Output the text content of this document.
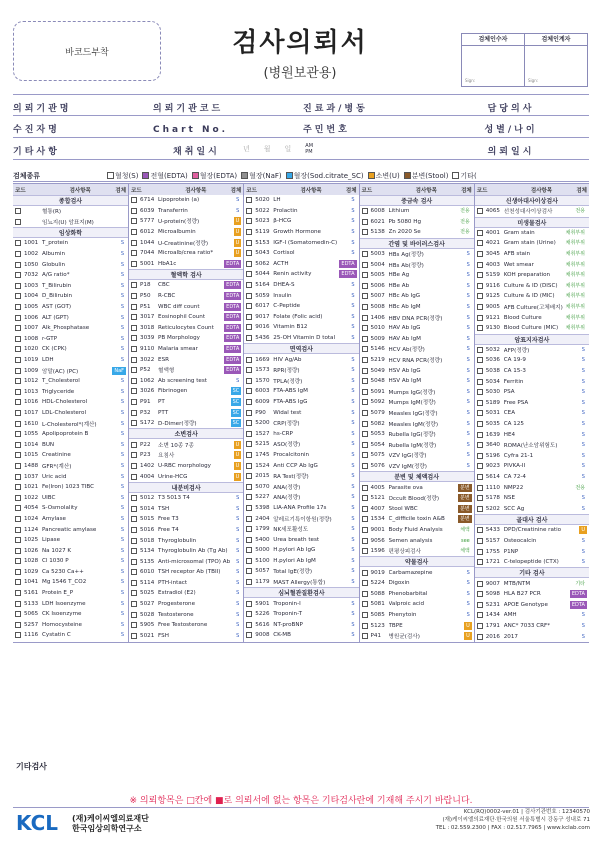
바코드부착	검사의뢰서
(병원보관용)
검체인수자	검체인계자
Sign:	Sign:
의뢰기관명	의뢰기관코드	진료과/병동	담당의사
수진자명	Chart No.	주민번호	성별/나이
기타사항	채취일시	년 월 일	AM
PM	의뢰일시
검체종류	혈청(S)	전혈(EDTA)	혈장(EDTA)	혈장(NaF)	혈장(Sod.citrate_SC)	소변(U)	분변(Stool)	기타(
코드	검사항목	검체
종합검사
혈통(R)
임뇨지(U) 암표지(M)
임상화학
1001 T_protein	S
1002 Albumin	S
1050 Globulin	S
7032 A/G ratio*	S
1003 T_Bilirubin	S
1004 D_Bilirubin	S
1005 AST (GOT)	S
1006 ALT (GPT)	S
1007 Alk_Phosphatase	S
1008 r-GTP	S
1020 CK (CPK)	S
1019 LDH	S
1009 암말(AC) (PC)	NaF
1012 T_Cholesterol	S
1013 Triglyceride	S
1016 HDL-Cholesterol	S
1017 LDL-Cholesterol	S
1610 L-Cholesterol*(계산)	S
1055 Apolipoprotein B	S
1014 BUN	S
1015 Creatinine	S
1488 GFR*(계산)	S
1037 Uric acid	S
1021 Fe(Iron) 1023 TIBC	S
1022 UIBC	S
4054 S-Osmolality	S
1024 Amylase	S
1124 Pancreatic amylase	S
1025 Lipase	S
1026 Na 1027 K	S
1028 Cl 1030 P	S
1029 Ca 5230 Ca++	S
1041 Mg 1546 T_CO2	S
5161 Protein E_P	S
5133 LDH Isoenzyme	S
5065 CK Isoenzyme	S
5257 Homocysteine	S
1116 Cystatin C	S
코드	검사항목	검체
6714 Lipoprotein (a)	S
6039 Transferrin	S
5777 U-protein(정량)	U
6012 Microalbumin	U
1044 U-Creatinine(정량)	U
7044 Microalb/crea ratio*	U
5001 HbA1c	EDTA
혈액학 검사
P18	CBC	EDTA
P50	R-CBC	EDTA
P51	WBC diff count	EDTA
3017 Eosinophil Count	EDTA
3018 Reticulocytes Count	EDTA
3039 PB Morphology	EDTA
9110 Malaria smear	EDTA
3022 ESR	EDTA
P52	혈액형	EDTA
1062 Ab screening test	S
3026 Fibrinogen	SC
P91	PT	SC
P32	PTT	SC
S172 D-Dimer(정량)	SC
소변검사
P22	소변 10종 7종	U
P23	요침사	U
1402 U-RBC morphology	U
4004 Urine-HCG	U
내분비검사
5012 T3 5013 T4	S
5014 TSH	S
5015 Free T3	S
5016 Free T4	S
5018 Thyroglobulin	S
5134 Thyroglobulin Ab (Tg Ab)	S
5135 Anti-microsomal (TPO) Ab	S
6010 TSH receptor Ab (TBII)	S
5114 PTH-intact	S
5025 Estradiol (E2)	S
5027 Progesterone	S
5028 Testosterone	S
5905 Free Testosterone	S
5021 FSH	S
코드	검사항목	검체
5020 LH	S
5022 Prolactin	S
5023 β-HCG	S
5119 Growth Hormone	S
5153 IGF-I (Somatomedin-C)	S
5043 Cortisol	S
5062 ACTH	EDTA
5044 Renin activity	EDTA
5164 DHEA-S	S
5059 Insulin	S
6017 C-Peptide	S
9017 Folate (Folic acid)	S
9016 Vitamin B12	S
5436 25-OH Vitamin D total	S
면역검사
1669 HIV Ag/Ab	S
1573 RPR(정량)	S
1570 TPLA(정량)	S
6003 FTA-ABS IgM	S
6009 FTA-ABS IgG	S
P90	Widal test	S
5200 CRP(정량)	S
1527 hs-CRP	S
5215 ASO(정량)	S
1745 Procalcitonin	S
1524 Anti CCP Ab IgG	S
2015 RA Test(정량)	S
5070 ANA(정량)	S
5227 ANA(정량)	S
5398 LIA-ANA Profile 17s	S
2404 알레르기특이항원(정량)	S
1799 NK세포활성도	S
5400 Urea breath test	S
5000 H.pylori Ab IgG	S
5100 H.pylori Ab IgM	S
5057 Total IgE(정량)	S
1179 MAST Allergy(통합)	S
심뇌혈관질환검사
5901 Troponin-I	S
5226 Troponin-T	S
5616 NT-proBNP	S
9008 CK-MB	S
코드	검사항목	검체
중금속 검사
6008 Lithium	전용
6021 Pb 5080 Hg	전용
5138 Zn 2020 Se	전용
간염 및 바이러스검사
5003 HBs Ag(정량)	S
5004 HBs Ab(정량)	S
5005 HBe Ag	S
5006 HBe Ab	S
5007 HBc Ab IgG	S
5008 HBc Ab IgM	S
1406 HBV DNA PCR(정량)	S
5010 HAV Ab IgG	S
5009 HAV Ab IgM	S
5146 HCV Ab(정량)	S
5219 HCV RNA PCR(정량)	S
5049 HSV Ab IgG	S
5048 HSV Ab IgM	S
5091 Mumps IgG(정량)	S
5092 Mumps IgM(정량)	S
5079 Measles IgG(정량)	S
5082 Measles IgM(정량)	S
5053 Rubella IgG(정량)	S
5054 Rubella IgM(정량)	S
5075 VZV IgG(정량)	S
5076 VZV IgM(정량)	S
분변 및 체액검사
4005 Parasite ova	분변
5121 Occult Blood(정량)	분변
4007 Stool WBC	분변
1534 C_difficile toxin A&B	분변
9001 Body Fluid Analysis	체액
9056 Semen analysis	see
1596 편평상피검사	체액
약물검사
9019 Carbamazepine	S
5224 Digoxin	S
5088 Phenobarbital	S
5081 Valproic acid	S
5085 Phenytoin	S
5123 TBPE	U
P41	병원균(검사)	U
코드	검사항목	검체
신생아대사이상검사
4065 선천성대사이상검사	전용
미생물검사
4001 Gram stain	채취부위
4021 Gram stain (Urine)	채취부위
3045 AFB stain	채취부위
4003 Wet smear	채취부위
5159 KOH preparation	채취부위
9116 Culture & ID (DISC)	채취부위
9125 Culture & ID (MIC)	채취부위
9005 AFB Culture(고체배지) 채취부위
9121 Blood Culture	채취부위
9130 Blood Culture (MIC)	채취부위
암표지자검사
5032 AFP(정량)	S
5036 CA 19-9	S
5038 CA 15-3	S
5034 Ferritin	S
5030 PSA	S
5189 Free PSA	S
5031 CEA	S
5035 CA 125	S
1639 HE4	S
3640 ROMA(난소암위험도)	S
5196 Cyfra 21-1	S
9023 PIVKA-II	S
5614 CA 72-4	S
1110 NMP22	전용
5178 NSE	S
5202 SCC Ag	S
골대사 검사
5433 DPD/Creatinine ratio	U
5157 Osteocalcin	S
1755 P1NP	S
1721 C-telopeptide (CTX)	S
기타 검사
9007 MTB/NTM	기타
5098 HLA B27 PCR	EDTA
5231 APOE Genotype	EDTA
1434 AMH	S
1791 ANC* 7033 CRF*	S
2016 2017	S
기타검사
※ 의뢰항목은 □칸에 ■로 의뢰서에 없는 항목은 기타검사란에 기재해 주시기 바랍니다.
KCL (재)케이씨엘의료재단
한국임상의학연구소
KCL(RQ)0002-ver.01 | 검사기관번호 : 12340570
(재)케이씨엘의료재단·한국의원 서울특별시 강동구 성내로 71
TEL : 02.559.2300 | FAX : 02.517.7965 | www.kclab.com
